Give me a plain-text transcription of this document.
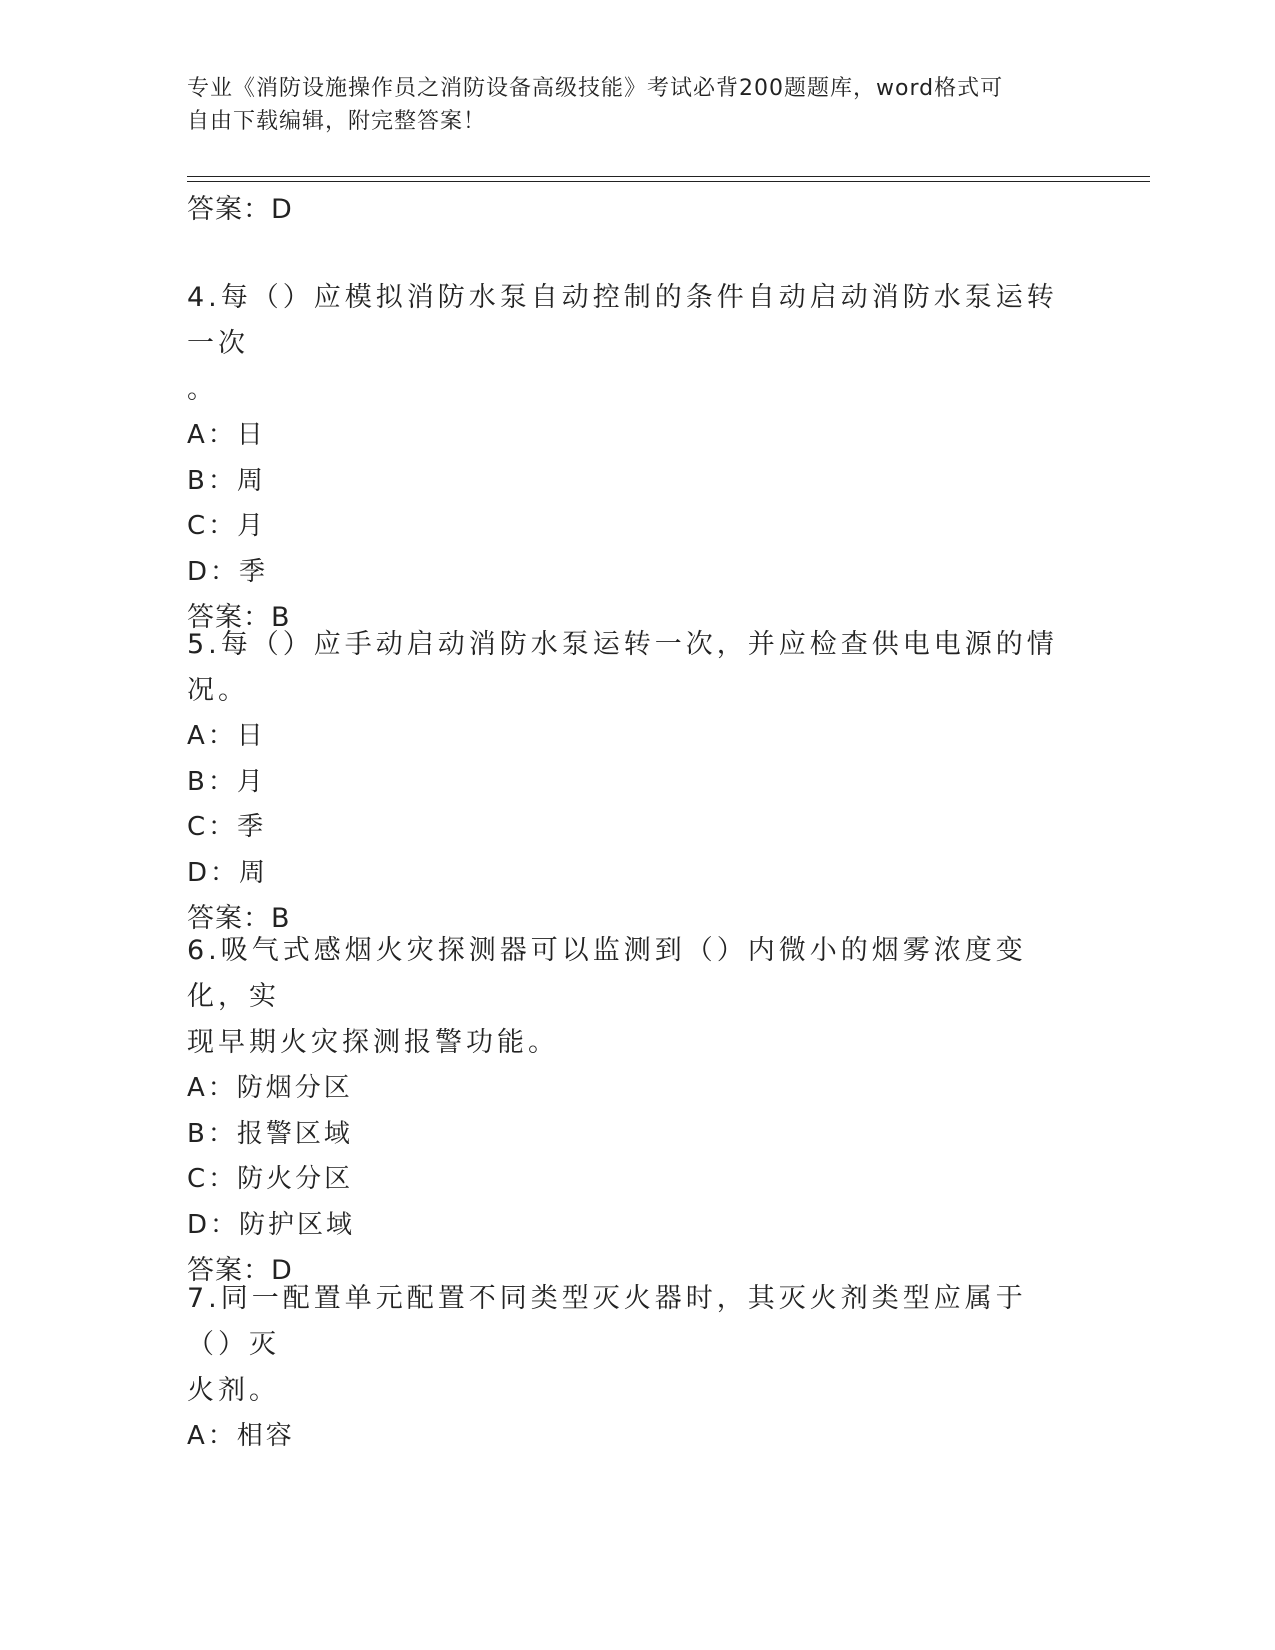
专业《消防设施操作员之消防设备高级技能》考试必背200题题库，word格式可
自由下载编辑，附完整答案！
答案：D
4.每（）应模拟消防水泵自动控制的条件自动启动消防水泵运转一次
。
A：日
B：周
C：月
D：季
答案：B
5.每（）应手动启动消防水泵运转一次，并应检查供电电源的情况。
A：日
B：月
C：季
D：周
答案：B
6.吸气式感烟火灾探测器可以监测到（）内微小的烟雾浓度变化，实
现早期火灾探测报警功能。
A：防烟分区
B：报警区域
C：防火分区
D：防护区域
答案：D
7.同一配置单元配置不同类型灭火器时，其灭火剂类型应属于（）灭
火剂。
A：相容
